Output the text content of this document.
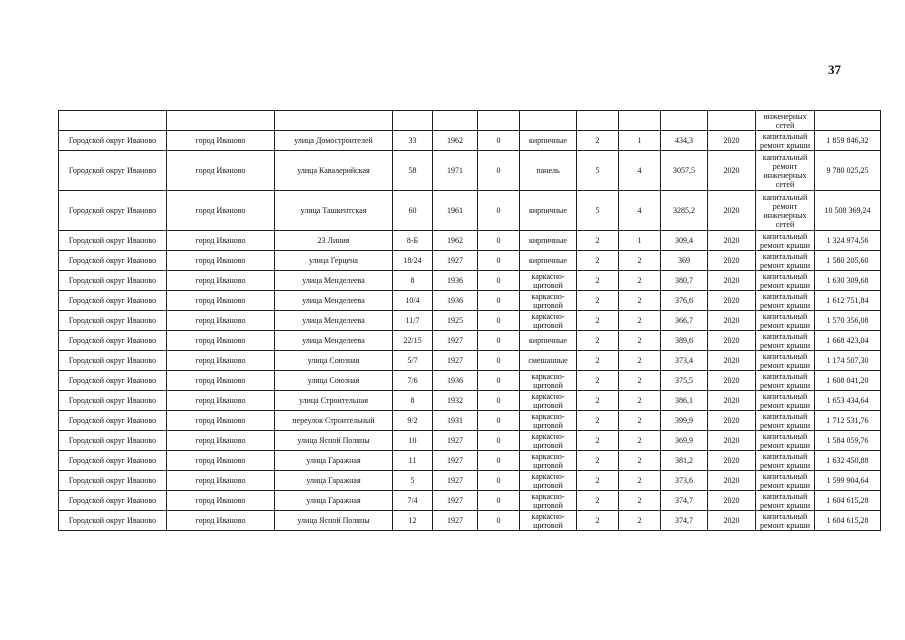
37
											инженерных
сетей	
Городской округ Иваново	город Иваново	улица Домостроителей	33	1962	0	кирпичные	2	1	434,3	2020	капитальный ремонт крыши	1 859 846,32
Городской округ Иваново	город Иваново	улица Кавалерийская	58	1971	0	панель	5	4	3057,5	2020	капитальный ремонт инженерных сетей	9 780 025,25
Городской округ Иваново	город Иваново	улица Ташкентская	60	1961	0	кирпичные	5	4	3285,2	2020	капитальный ремонт инженерных сетей	10 508 369,24
Городской округ Иваново	город Иваново	23 Линия	8-Б	1962	0	кирпичные	2	1	309,4	2020	капитальный ремонт крыши	1 324 974,56
Городской округ Иваново	город Иваново	улица Герцена	18/24	1927	0	кирпичные	2	2	369	2020	капитальный ремонт крыши	1 580 205,60
Городской округ Иваново	город Иваново	улица Менделеева	8	1936	0	каркасно-щитовой	2	2	380,7	2020	капитальный ремонт крыши	1 630 309,68
Городской округ Иваново	город Иваново	улица Менделеева	10/4	1936	0	каркасно-щитовой	2	2	376,6	2020	капитальный ремонт крыши	1 612 751,84
Городской округ Иваново	город Иваново	улица Менделеева	11/7	1925	0	каркасно-щитовой	2	2	366,7	2020	капитальный ремонт крыши	1 570 356,08
Городской округ Иваново	город Иваново	улица Менделеева	22/15	1927	0	кирпичные	2	2	389,6	2020	капитальный ремонт крыши	1 668 423,04
Городской округ Иваново	город Иваново	улица Союзная	5/7	1927	0	смешанные	2	2	373,4	2020	капитальный ремонт крыши	1 174 507,30
Городской округ Иваново	город Иваново	улица Союзная	7/6	1936	0	каркасно-щитовой	2	2	375,5	2020	капитальный ремонт крыши	1 608 041,20
Городской округ Иваново	город Иваново	улица Строительная	8	1932	0	каркасно-щитовой	2	2	386,1	2020	капитальный ремонт крыши	1 653 434,64
Городской округ Иваново	город Иваново	переулок Строительный	9/2	1931	0	каркасно-щитовой	2	2	399,9	2020	капитальный ремонт крыши	1 712 531,76
Городской округ Иваново	город Иваново	улица Ясной Поляны	10	1927	0	каркасно-щитовой	2	2	369,9	2020	капитальный ремонт крыши	1 584 059,76
Городской округ Иваново	город Иваново	улица Гаражная	11	1927	0	каркасно-щитовой	2	2	381,2	2020	капитальный ремонт крыши	1 632 450,88
Городской округ Иваново	город Иваново	улица Гаражная	5	1927	0	каркасно-щитовой	2	2	373,6	2020	капитальный ремонт крыши	1 599 904,64
Городской округ Иваново	город Иваново	улица Гаражная	7/4	1927	0	каркасно-щитовой	2	2	374,7	2020	капитальный ремонт крыши	1 604 615,28
Городской округ Иваново	город Иваново	улица Ясной Поляны	12	1927	0	каркасно-щитовой	2	2	374,7	2020	капитальный ремонт крыши	1 604 615,28
